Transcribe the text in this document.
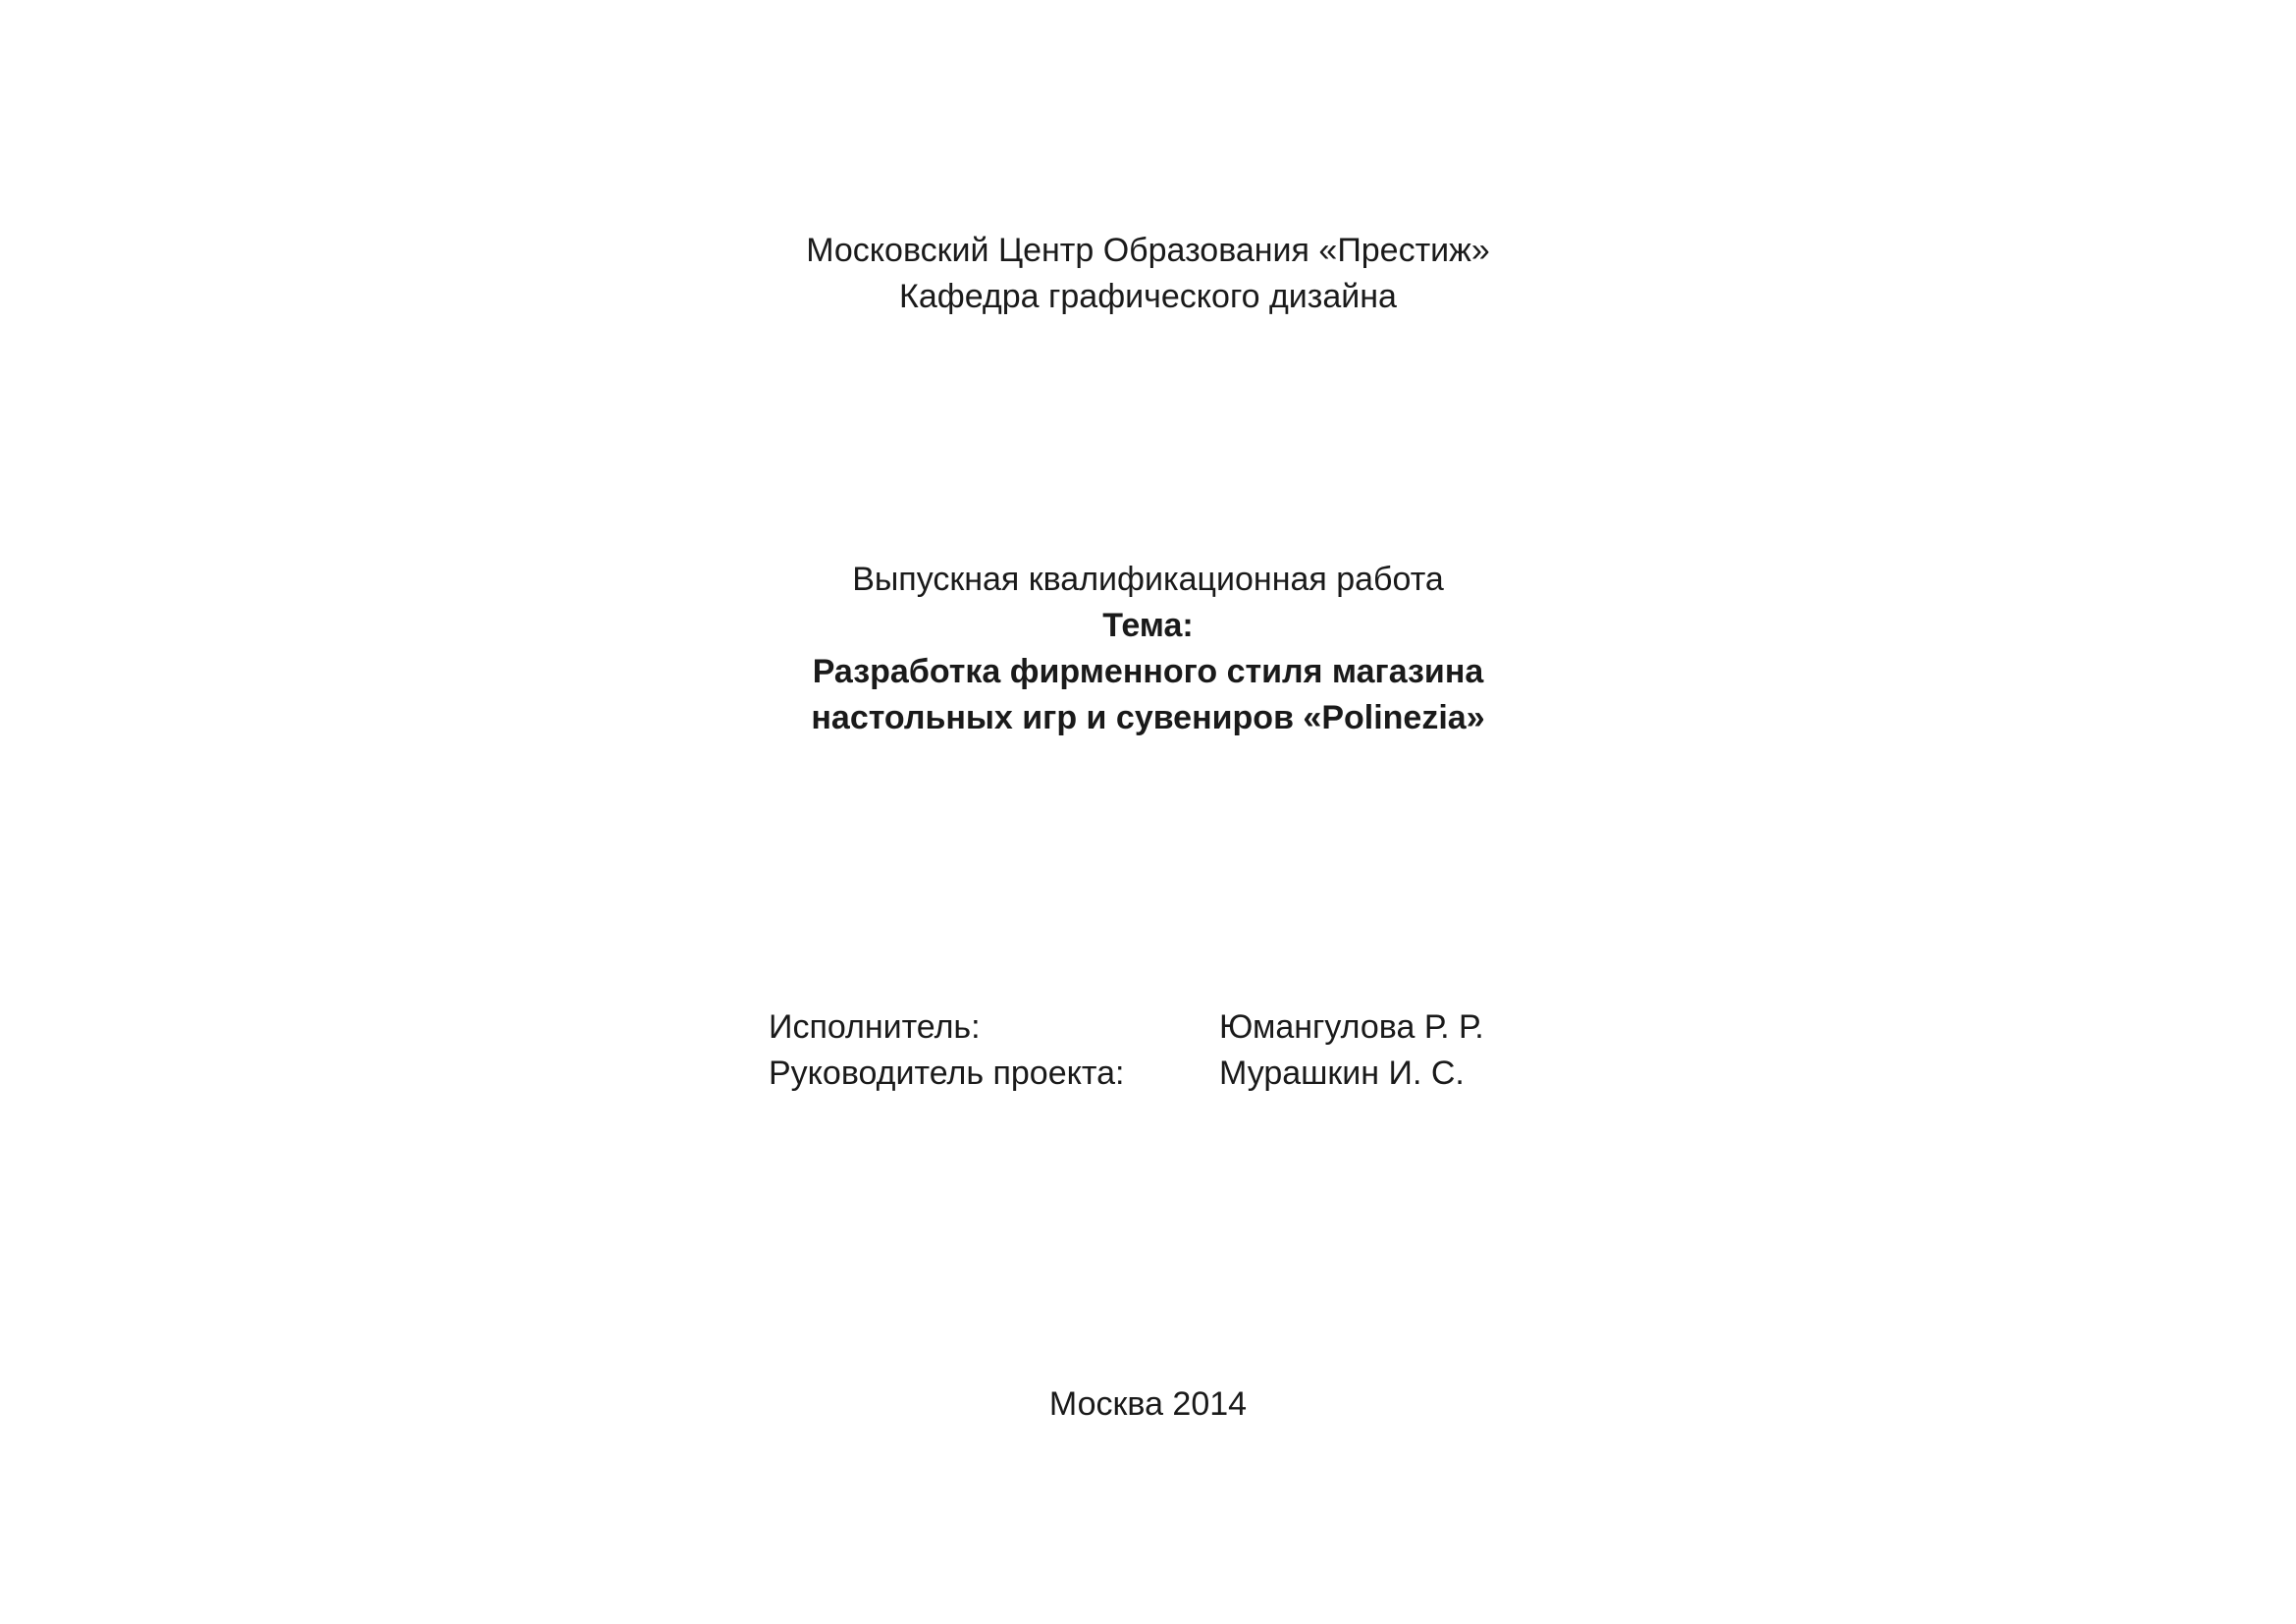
Московский Центр Образования «Престиж»
Кафедра графического дизайна
Выпускная квалификационная работа
Тема:
Разработка фирменного стиля магазина
настольных игр и сувениров «Polinezia»
Исполнитель:	Юмангулова Р. Р.
Руководитель проекта:	Мурашкин И. С.
Москва 2014
